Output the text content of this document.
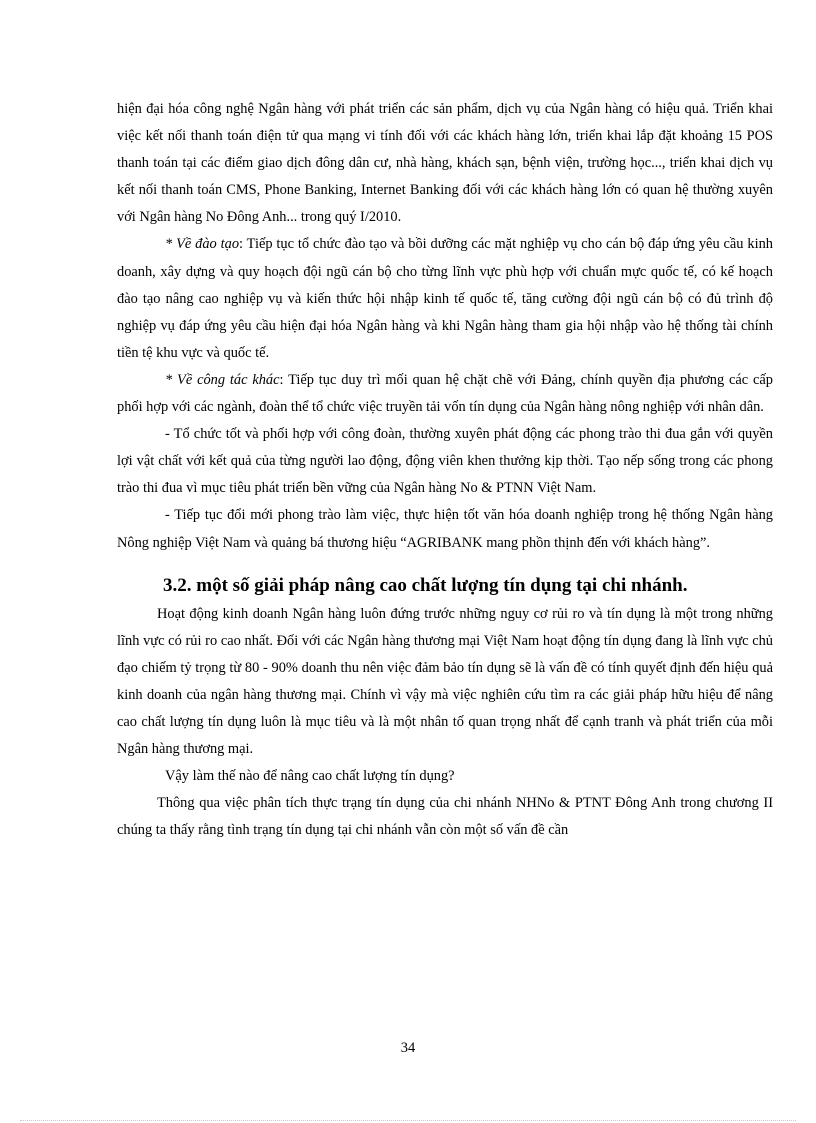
hiện đại hóa công nghệ Ngân hàng với phát triển các sản phẩm, dịch vụ của Ngân hàng có hiệu quả. Triển khai việc kết nối thanh toán điện tử qua mạng vi tính đối với các khách hàng lớn, triển khai lắp đặt khoảng 15 POS thanh toán tại các điểm giao dịch đông dân cư, nhà hàng, khách sạn, bệnh viện, trường học..., triển khai dịch vụ kết nối thanh toán CMS, Phone Banking, Internet Banking đối với các khách hàng lớn có quan hệ thường xuyên với Ngân hàng No Đông Anh... trong quý I/2010.

* Về đào tạo: Tiếp tục tổ chức đào tạo và bồi dưỡng các mặt nghiệp vụ cho cán bộ đáp ứng yêu cầu kinh doanh, xây dựng và quy hoạch đội ngũ cán bộ cho từng lĩnh vực phù hợp với chuẩn mực quốc tế, có kế hoạch đào tạo nâng cao nghiệp vụ và kiến thức hội nhập kinh tế quốc tế, tăng cường đội ngũ cán bộ có đủ trình độ nghiệp vụ đáp ứng yêu cầu hiện đại hóa Ngân hàng và khi Ngân hàng tham gia hội nhập vào hệ thống tài chính tiền tệ khu vực và quốc tế.

* Về công tác khác: Tiếp tục duy trì mối quan hệ chặt chẽ với Đảng, chính quyền địa phương các cấp phối hợp với các ngành, đoàn thể tổ chức việc truyền tải vốn tín dụng của Ngân hàng nông nghiệp với nhân dân.

- Tổ chức tốt và phối hợp với công đoàn, thường xuyên phát động các phong trào thi đua gắn với quyền lợi vật chất với kết quả của từng người lao động, động viên khen thưởng kịp thời. Tạo nếp sống trong các phong trào thi đua vì mục tiêu phát triển bền vững của Ngân hàng No & PTNN Việt Nam.

- Tiếp tục đổi mới phong trào làm việc, thực hiện tốt văn hóa doanh nghiệp trong hệ thống Ngân hàng Nông nghiệp Việt Nam và quảng bá thương hiệu “AGRIBANK mang phồn thịnh đến với khách hàng”.

3.2. một số giải pháp nâng cao chất lượng tín dụng tại chi nhánh.

Hoạt động kinh doanh Ngân hàng luôn đứng trước những nguy cơ rủi ro và tín dụng là một trong những lĩnh vực có rủi ro cao nhất. Đối với các Ngân hàng thương mại Việt Nam hoạt động tín dụng đang là lĩnh vực chủ đạo chiếm tỷ trọng từ 80 - 90% doanh thu nên việc đảm bảo tín dụng sẽ là vấn đề có tính quyết định đến hiệu quả kinh doanh của ngân hàng thương mại. Chính vì vậy mà việc nghiên cứu tìm ra các giải pháp hữu hiệu để nâng cao chất lượng tín dụng luôn là mục tiêu và là một nhân tố quan trọng nhất để cạnh tranh và phát triển của mỗi Ngân hàng thương mại.

Vậy làm thế nào để nâng cao chất lượng tín dụng?

Thông qua việc phân tích thực trạng tín dụng của chi nhánh NHNo & PTNT Đông Anh trong chương II chúng ta thấy rằng tình trạng tín dụng tại chi nhánh vẫn còn một số vấn đề cần

34
